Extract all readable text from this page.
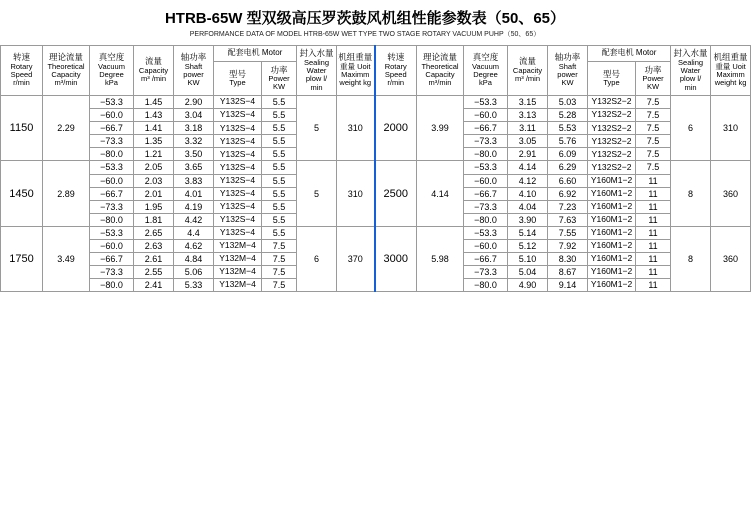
HTRB-65W 型双级高压罗茨鼓风机组性能参数表（50、65）
PERFORMANCE DATA OF MODEL HTRB-65W WET TYPE TWO STAGE ROTARY VACUUM PUHP（50、65）
转速
Rotary
Speed
r/min	理论流量
Theoretical
Capacity
m³/min	真空度
Vacuum
Degree
kPa	流量
Capacity
m³ /min	轴功率
Shaft
power
KW	配套电机 Motor		封入水量
Sealing
Water
plow l/
min	机组重量
重量 Uoit
Maximm
weight kg	转速
Rotary
Speed
r/min	理论流量
Theoretical
Capacity
m³/min	真空度
Vacuum
Degree
kPa	流量
Capacity
m³ /min	轴功率
Shaft
power
KW	配套电机 Motor		封入水量
Sealing
Water
plow l/
min	机组重量
重量 Uoit
Maximm
weight kg

					型号
Type	功率
Power
KW								型号
Type	功率
Power
KW		

1150	2.29	−53.3	1.45	2.90	Y132S−4	5.5	5	310	2000	3.99	−53.3	3.15	5.03	Y132S2−2	7.5	6	310
		−60.0	1.43	3.04	Y132S−4	5.5					−60.0	3.13	5.28	Y132S2−2	7.5		
		−66.7	1.41	3.18	Y132S−4	5.5					−66.7	3.11	5.53	Y132S2−2	7.5		
		−73.3	1.35	3.32	Y132S−4	5.5					−73.3	3.05	5.76	Y132S2−2	7.5		
		−80.0	1.21	3.50	Y132S−4	5.5					−80.0	2.91	6.09	Y132S2−2	7.5		
1450	2.89	−53.3	2.05	3.65	Y132S−4	5.5	5	310	2500	4.14	−53.3	4.14	6.29	Y132S2−2	7.5	8	360
		−60.0	2.03	3.83	Y132S−4	5.5					−60.0	4.12	6.60	Y160M1−2	11		
		−66.7	2.01	4.01	Y132S−4	5.5					−66.7	4.10	6.92	Y160M1−2	11		
		−73.3	1.95	4.19	Y132S−4	5.5					−73.3	4.04	7.23	Y160M1−2	11		
		−80.0	1.81	4.42	Y132S−4	5.5					−80.0	3.90	7.63	Y160M1−2	11		
1750	3.49	−53.3	2.65	4.4	Y132S−4	5.5	6	370	3000	5.98	−53.3	5.14	7.55	Y160M1−2	11	8	360
		−60.0	2.63	4.62	Y132M−4	7.5					−60.0	5.12	7.92	Y160M1−2	11		
		−66.7	2.61	4.84	Y132M−4	7.5					−66.7	5.10	8.30	Y160M1−2	11		
		−73.3	2.55	5.06	Y132M−4	7.5					−73.3	5.04	8.67	Y160M1−2	11		
		−80.0	2.41	5.33	Y132M−4	7.5					−80.0	4.90	9.14	Y160M1−2	11		
